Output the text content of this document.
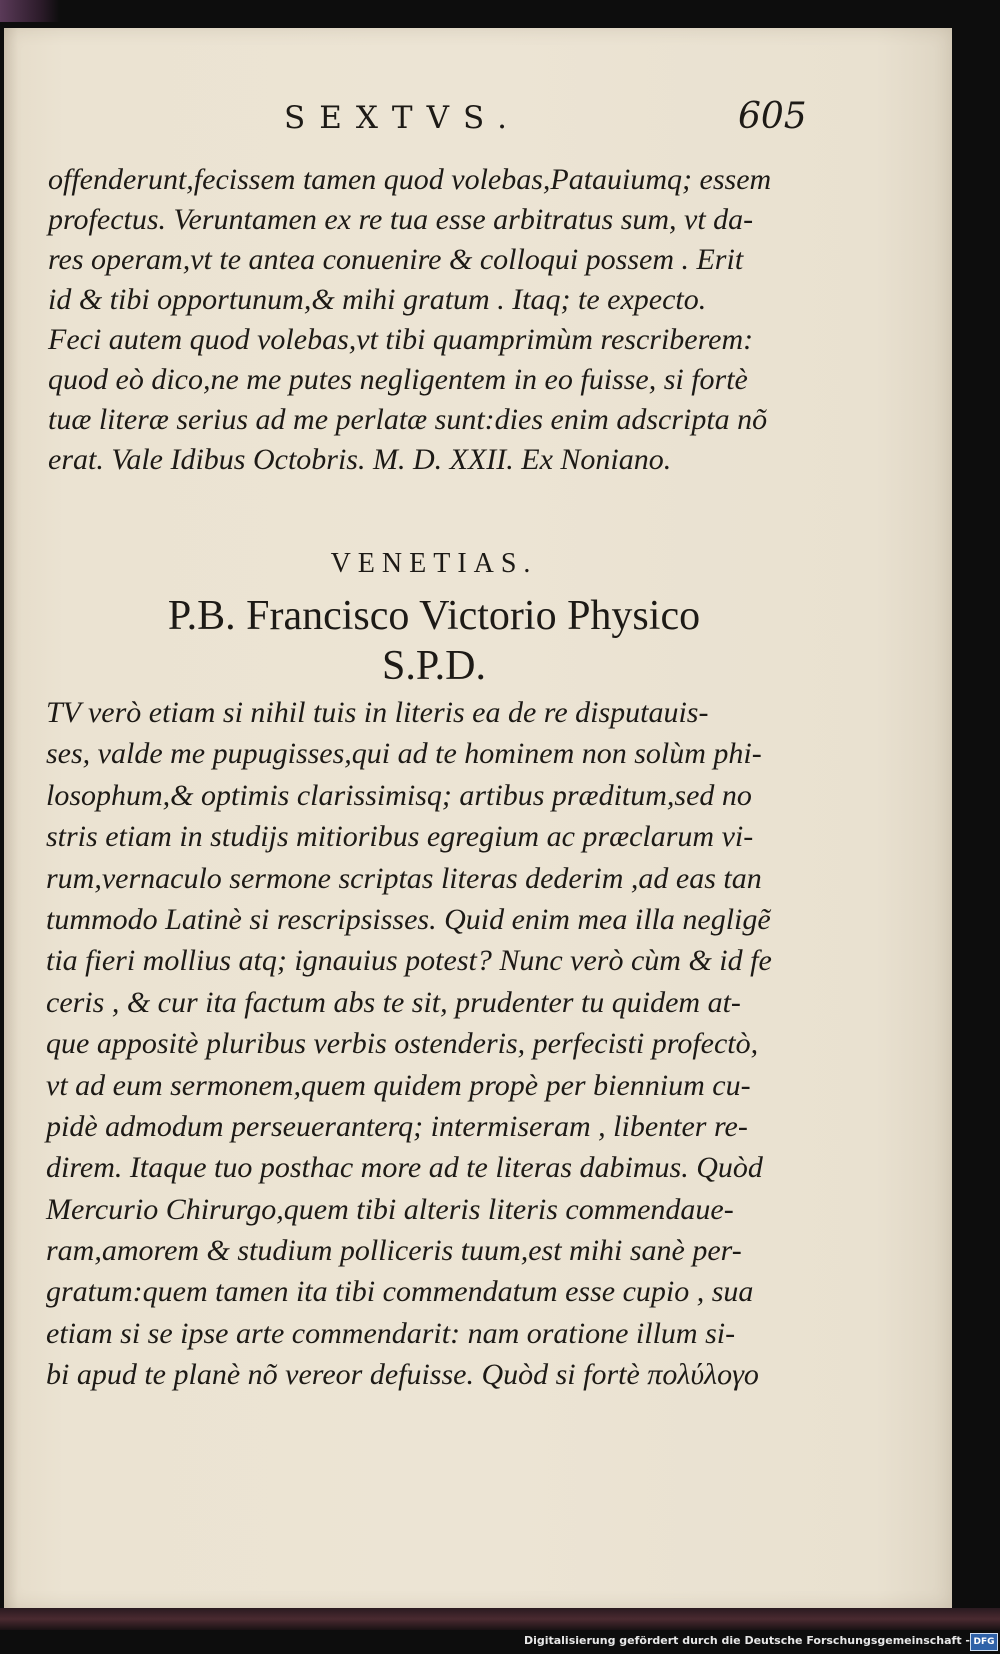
SEXTVS.	605
offenderunt,fecissem tamen quod volebas,Patauiumq; essem
profectus. Veruntamen ex re tua esse arbitratus sum, vt da-
res operam,vt te antea conuenire & colloqui possem . Erit
id & tibi opportunum,& mihi gratum . Itaq; te expecto.
Feci autem quod volebas,vt tibi quamprimùm rescriberem:
quod eò dico,ne me putes negligentem in eo fuisse, si fortè
tuæ literæ serius ad me perlatæ sunt:dies enim adscripta nõ
erat. Vale Idibus Octobris. M. D. XXII. Ex Noniano.
VENETIAS.
P.B. Francisco Victorio Physico
S.P.D.
TV verò etiam si nihil tuis in literis ea de re disputauis-
ses, valde me pupugisses,qui ad te hominem non solùm phi-
losophum,& optimis clarissimisq; artibus præditum,sed no
stris etiam in studijs mitioribus egregium ac præclarum vi-
rum,vernaculo sermone scriptas literas dederim ,ad eas tan
tummodo Latinè si rescripsisses. Quid enim mea illa negligẽ
tia fieri mollius atq; ignauius potest? Nunc verò cùm & id fe
ceris , & cur ita factum abs te sit, prudenter tu quidem at-
que appositè pluribus verbis ostenderis, perfecisti profectò,
vt ad eum sermonem,quem quidem propè per biennium cu-
pidè admodum perseueranterq; intermiseram , libenter re-
direm. Itaque tuo posthac more ad te literas dabimus. Quòd
Mercurio Chirurgo,quem tibi alteris literis commendaue-
ram,amorem & studium polliceris tuum,est mihi sanè per-
gratum:quem tamen ita tibi commendatum esse cupio , sua
etiam si se ipse arte commendarit: nam oratione illum si-
bi apud te planè nõ vereor defuisse. Quòd si fortè πολύλογο
Digitalisierung gefördert durch die Deutsche Forschungsgemeinschaft - DFG
